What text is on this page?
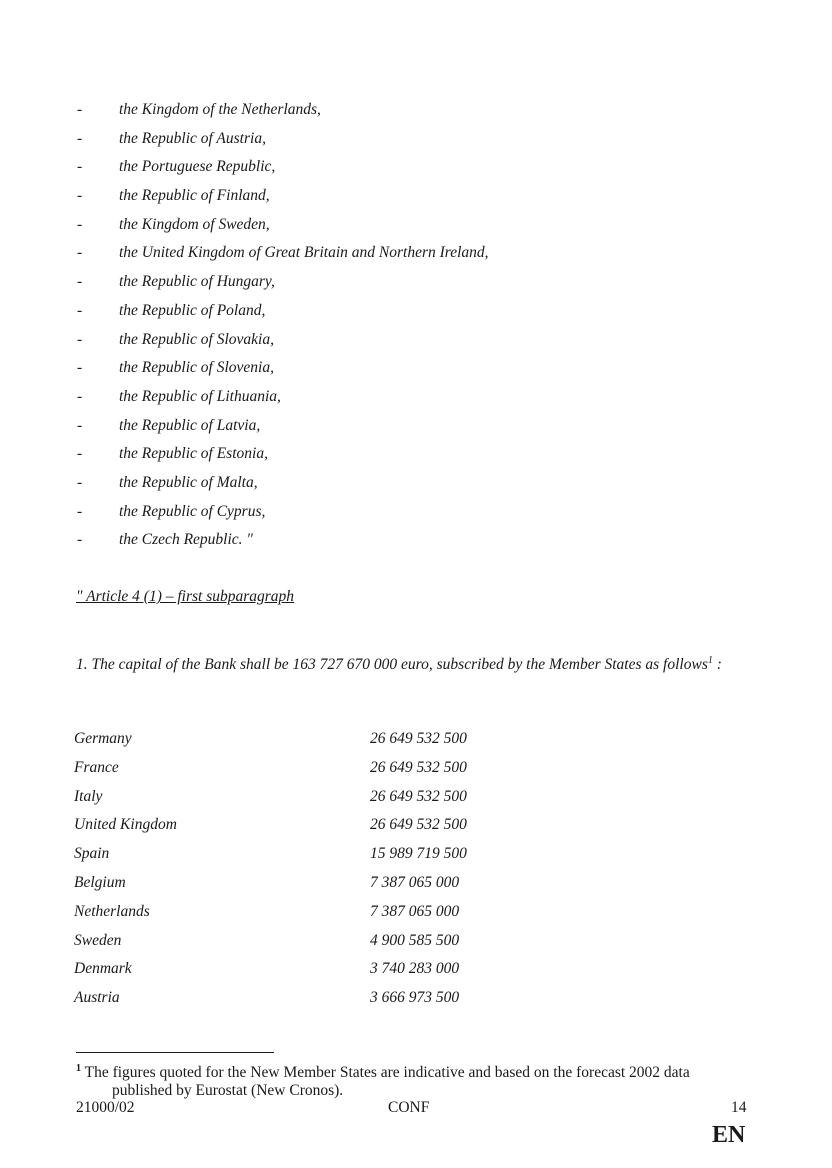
- the Kingdom of the Netherlands,
- the Republic of Austria,
- the Portuguese Republic,
- the Republic of Finland,
- the Kingdom of Sweden,
- the United Kingdom of Great Britain and Northern Ireland,
- the Republic of Hungary,
- the Republic of Poland,
- the Republic of Slovakia,
- the Republic of Slovenia,
- the Republic of Lithuania,
- the Republic of Latvia,
- the Republic of Estonia,
- the Republic of Malta,
- the Republic of Cyprus,
- the Czech Republic. "
" Article 4 (1) – first subparagraph
1. The capital of the Bank shall be 163 727 670 000 euro, subscribed by the Member States as follows$^1$ :
Germany	26 649 532 500
France	26 649 532 500
Italy	26 649 532 500
United Kingdom	26 649 532 500
Spain	15 989 719 500
Belgium	7 387 065 000
Netherlands	7 387 065 000
Sweden	4 900 585 500
Denmark	3 740 283 000
Austria	3 666 973 500
$^1$ The figures quoted for the New Member States are indicative and based on the forecast 2002 data
published by Eurostat (New Cronos).
21000/02	CONF	14
EN
